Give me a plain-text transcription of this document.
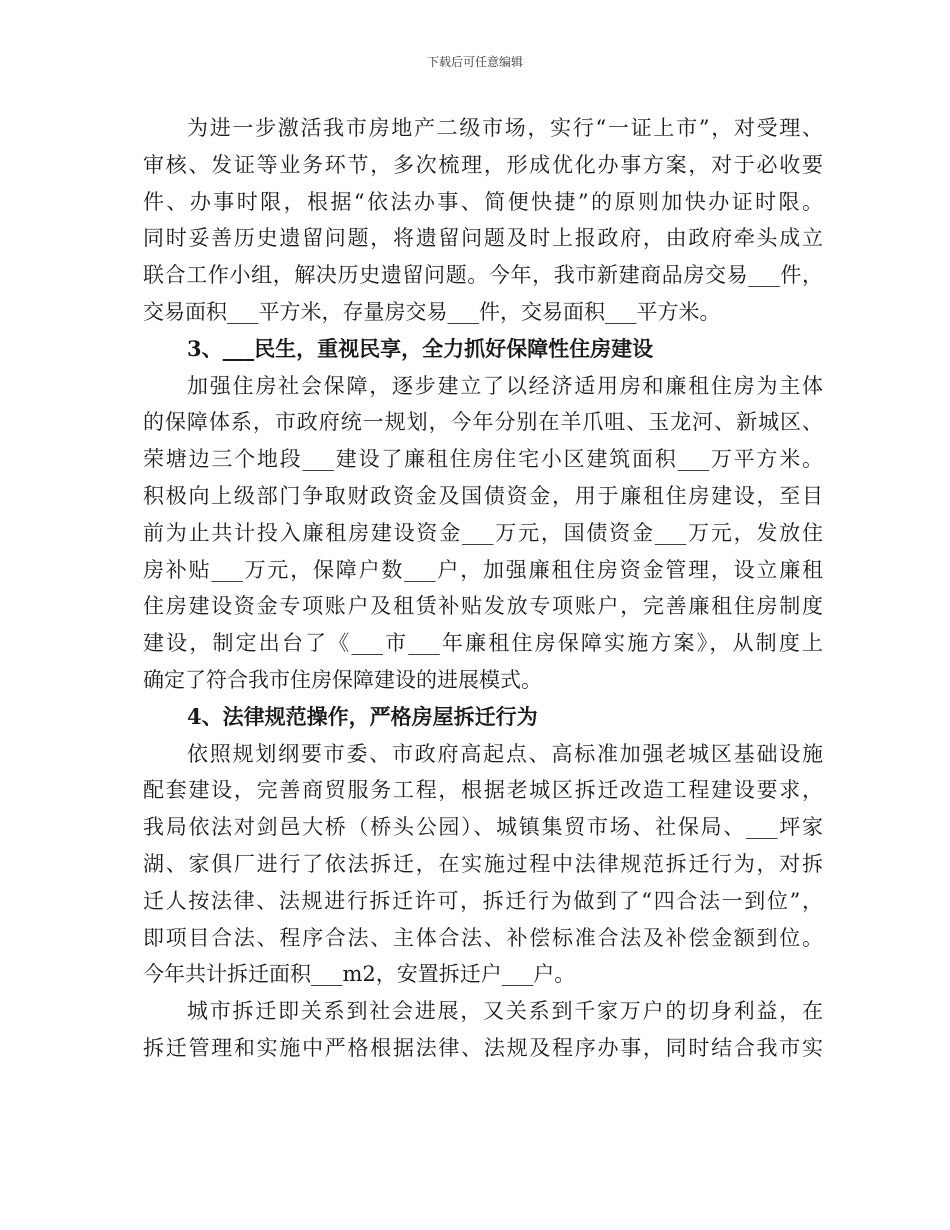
下载后可任意编辑
为进一步激活我市房地产二级市场，实行“一证上市”，对受理、
审核、发证等业务环节，多次梳理，形成优化办事方案，对于必收要
件、办事时限，根据“依法办事、简便快捷”的原则加快办证时限。
同时妥善历史遗留问题，将遗留问题及时上报政府，由政府牵头成立
联合工作小组，解决历史遗留问题。今年，我市新建商品房交易___件，
交易面积___平方米，存量房交易___件，交易面积___平方米。
3、___民生，重视民享，全力抓好保障性住房建设
加强住房社会保障，逐步建立了以经济适用房和廉租住房为主体
的保障体系，市政府统一规划，今年分别在羊爪咀、玉龙河、新城区、
荣塘边三个地段___建设了廉租住房住宅小区建筑面积___万平方米。
积极向上级部门争取财政资金及国债资金，用于廉租住房建设，至目
前为止共计投入廉租房建设资金___万元，国债资金___万元，发放住
房补贴___万元，保障户数___户，加强廉租住房资金管理，设立廉租
住房建设资金专项账户及租赁补贴发放专项账户，完善廉租住房制度
建设，制定出台了《___市___年廉租住房保障实施方案》，从制度上
确定了符合我市住房保障建设的进展模式。
4、法律规范操作，严格房屋拆迁行为
依照规划纲要市委、市政府高起点、高标准加强老城区基础设施
配套建设，完善商贸服务工程，根据老城区拆迁改造工程建设要求，
我局依法对剑邑大桥（桥头公园）、城镇集贸市场、社保局、___坪家
湖、家俱厂进行了依法拆迁，在实施过程中法律规范拆迁行为，对拆
迁人按法律、法规进行拆迁许可，拆迁行为做到了“四合法一到位”，
即项目合法、程序合法、主体合法、补偿标准合法及补偿金额到位。
今年共计拆迁面积___m2，安置拆迁户___户。
城市拆迁即关系到社会进展，又关系到千家万户的切身利益，在
拆迁管理和实施中严格根据法律、法规及程序办事，同时结合我市实
